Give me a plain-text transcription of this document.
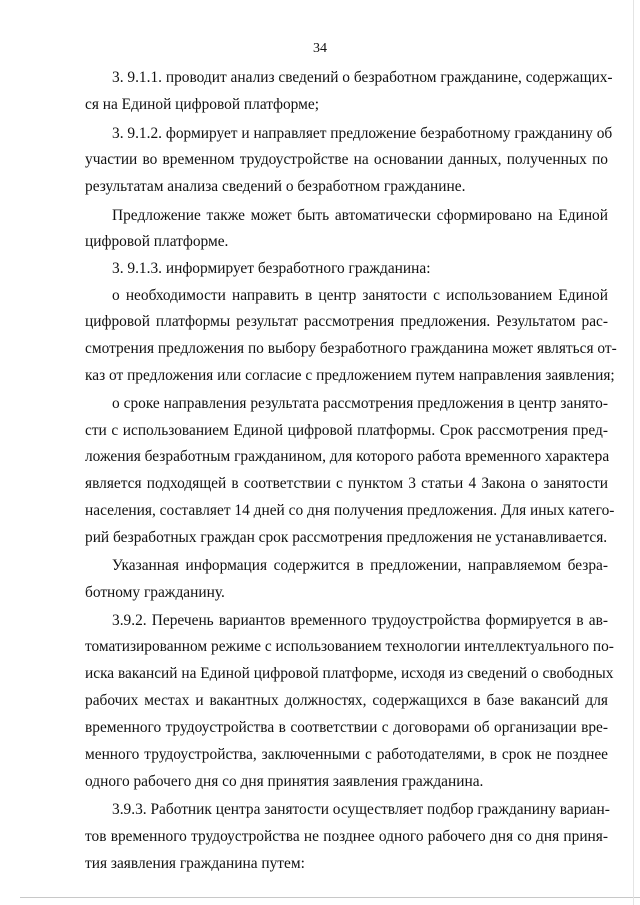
34
3. 9.1.1. проводит анализ сведений о безработном гражданине, содержащих-
ся на Единой цифровой платформе;
3. 9.1.2. формирует и направляет предложение безработному гражданину об
участии во временном трудоустройстве на основании данных, полученных по
результатам анализа сведений о безработном гражданине.
Предложение также может быть автоматически сформировано на Единой
цифровой платформе.
3. 9.1.3. информирует безработного гражданина:
о необходимости направить в центр занятости с использованием Единой
цифровой платформы результат рассмотрения предложения. Результатом рас-
смотрения предложения по выбору безработного гражданина может являться от-
каз от предложения или согласие с предложением путем направления заявления;
о сроке направления результата рассмотрения предложения в центр занято-
сти с использованием Единой цифровой платформы. Срок рассмотрения пред-
ложения безработным гражданином, для которого работа временного характера
является подходящей в соответствии с пунктом 3 статьи 4 Закона о занятости
населения, составляет 14 дней со дня получения предложения. Для иных катего-
рий безработных граждан срок рассмотрения предложения не устанавливается.
Указанная информация содержится в предложении, направляемом безра-
ботному гражданину.
3.9.2. Перечень вариантов временного трудоустройства формируется в ав-
томатизированном режиме с использованием технологии интеллектуального по-
иска вакансий на Единой цифровой платформе, исходя из сведений о свободных
рабочих местах и вакантных должностях, содержащихся в базе вакансий для
временного трудоустройства в соответствии с договорами об организации вре-
менного трудоустройства, заключенными с работодателями, в срок не позднее
одного рабочего дня со дня принятия заявления гражданина.
3.9.3. Работник центра занятости осуществляет подбор гражданину вариан-
тов временного трудоустройства не позднее одного рабочего дня со дня приня-
тия заявления гражданина путем:
